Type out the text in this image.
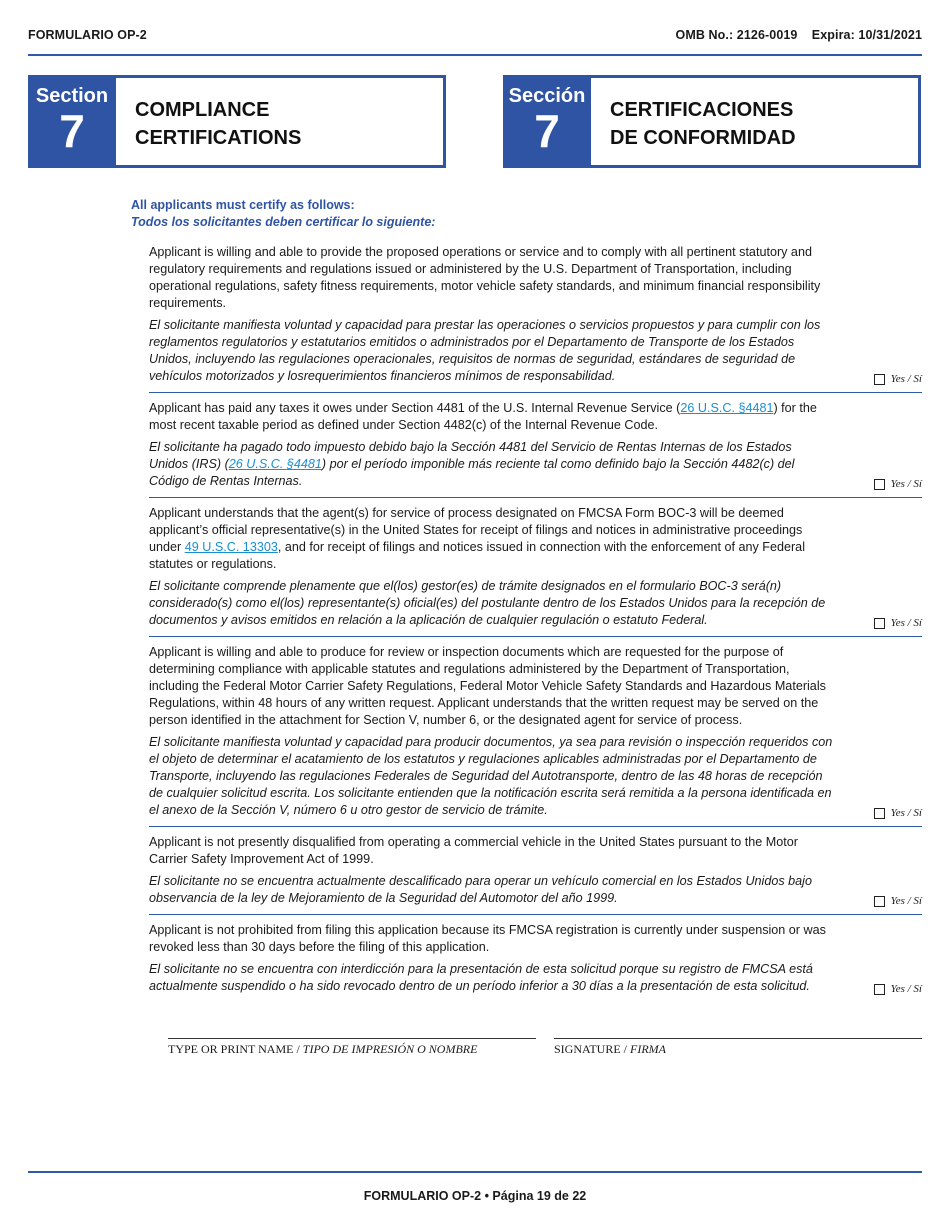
FORMULARIO OP-2	OMB No.: 2126-0019 Expira: 10/31/2021
Section
7	COMPLIANCE
CERTIFICATIONS
Sección
7	CERTIFICACIONES
DE CONFORMIDAD
All applicants must certify as follows:
Todos los solicitantes deben certificar lo siguiente:
Applicant is willing and able to provide the proposed operations or service and to comply with all pertinent statutory and regulatory requirements and regulations issued or administered by the U.S. Department of Transportation, including operational regulations, safety fitness requirements, motor vehicle safety standards, and minimum financial responsibility requirements.
El solicitante manifiesta voluntad y capacidad para prestar las operaciones o servicios propuestos y para cumplir con los reglamentos regulatorios y estatutarios emitidos o administrados por el Departamento de Transporte de los Estados Unidos, incluyendo las regulaciones operacionales, requisitos de normas de seguridad, estándares de seguridad de vehículos motorizados y losrequerimientos financieros mínimos de responsabilidad.	Yes / Sí
Applicant has paid any taxes it owes under Section 4481 of the U.S. Internal Revenue Service (26 U.S.C. §4481) for the most recent taxable period as defined under Section 4482(c) of the Internal Revenue Code.
El solicitante ha pagado todo impuesto debido bajo la Sección 4481 del Servicio de Rentas Internas de los Estados Unidos (IRS) (26 U.S.C. §4481) por el período imponible más reciente tal como definido bajo la Sección 4482(c) del Código de Rentas Internas.	Yes / Sí
Applicant understands that the agent(s) for service of process designated on FMCSA Form BOC-3 will be deemed applicant’s official representative(s) in the United States for receipt of filings and notices in administrative proceedings under 49 U.S.C. 13303, and for receipt of filings and notices issued in connection with the enforcement of any Federal statutes or regulations.
El solicitante comprende plenamente que el(los) gestor(es) de trámite designados en el formulario BOC-3 será(n) considerado(s) como el(los) representante(s) oficial(es) del postulante dentro de los Estados Unidos para la recepción de documentos y avisos emitidos en relación a la aplicación de cualquier regulación o estatuto Federal.	Yes / Sí
Applicant is willing and able to produce for review or inspection documents which are requested for the purpose of determining compliance with applicable statutes and regulations administered by the Department of Transportation, including the Federal Motor Carrier Safety Regulations, Federal Motor Vehicle Safety Standards and Hazardous Materials Regulations, within 48 hours of any written request. Applicant understands that the written request may be served on the person identified in the attachment for Section V, number 6, or the designated agent for service of process.
El solicitante manifiesta voluntad y capacidad para producir documentos, ya sea para revisión o inspección requeridos con el objeto de determinar el acatamiento de los estatutos y regulaciones aplicables administradas por el Departamento de Transporte, incluyendo las regulaciones Federales de Seguridad del Autotransporte, dentro de las 48 horas de recepción de cualquier solicitud escrita. Los solicitante entienden que la notificación escrita será remitida a la persona identificada en el anexo de la Sección V, número 6 u otro gestor de servicio de trámite.	Yes / Sí
Applicant is not presently disqualified from operating a commercial vehicle in the United States pursuant to the Motor Carrier Safety Improvement Act of 1999.
El solicitante no se encuentra actualmente descalificado para operar un vehículo comercial en los Estados Unidos bajo observancia de la ley de Mejoramiento de la Seguridad del Automotor del año 1999.	Yes / Sí
Applicant is not prohibited from filing this application because its FMCSA registration is currently under suspension or was revoked less than 30 days before the filing of this application.
El solicitante no se encuentra con interdicción para la presentación de esta solicitud porque su registro de FMCSA está actualmente suspendido o ha sido revocado dentro de un período inferior a 30 días a la presentación de esta solicitud.	Yes / Sí
TYPE OR PRINT NAME / TIPO DE IMPRESIÓN O NOMBRE	SIGNATURE / FIRMA
FORMULARIO OP-2 • Página 19 de 22
